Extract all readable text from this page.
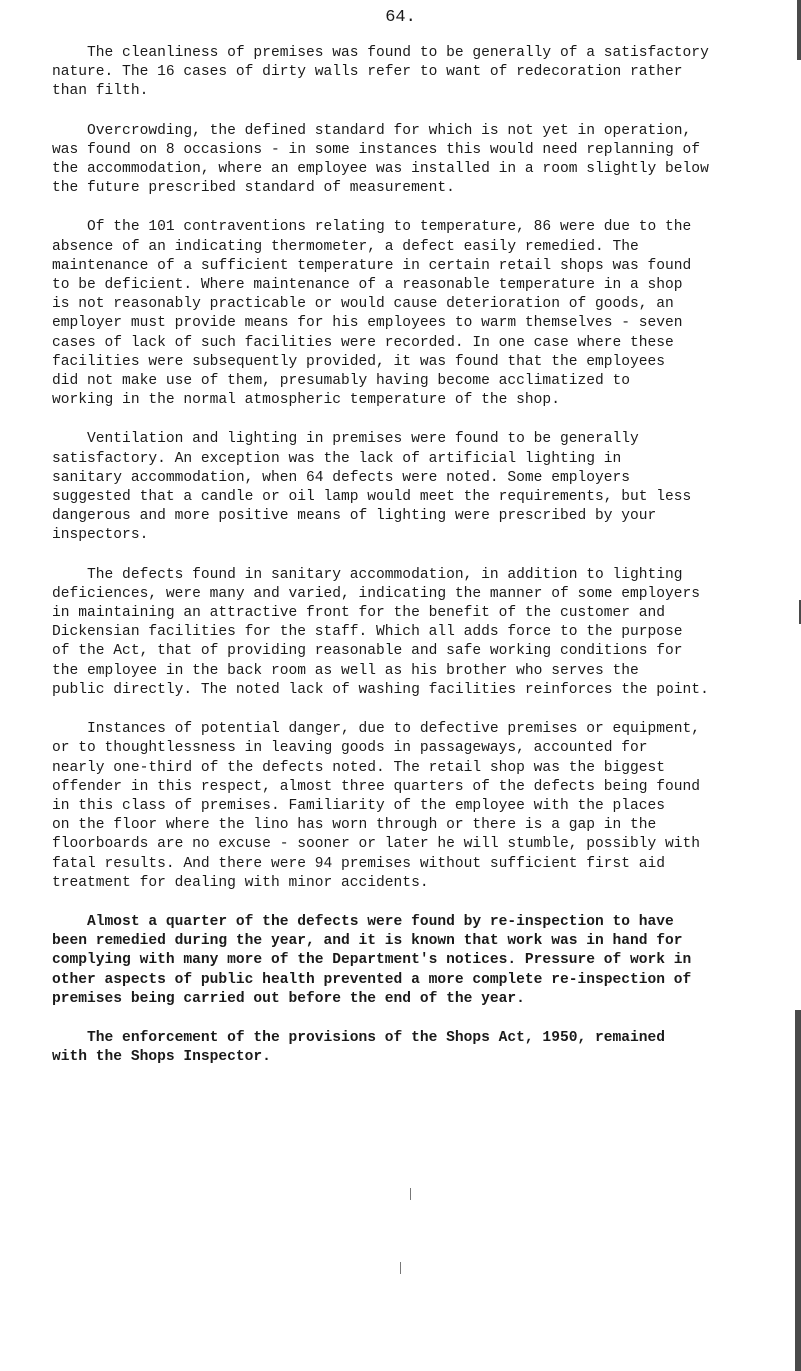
64.

The cleanliness of premises was found to be generally of a satisfactory
nature. The 16 cases of dirty walls refer to want of redecoration rather
than filth.

Overcrowding, the defined standard for which is not yet in operation,
was found on 8 occasions - in some instances this would need replanning of
the accommodation, where an employee was installed in a room slightly below
the future prescribed standard of measurement.

Of the 101 contraventions relating to temperature, 86 were due to the
absence of an indicating thermometer, a defect easily remedied. The
maintenance of a sufficient temperature in certain retail shops was found
to be deficient. Where maintenance of a reasonable temperature in a shop
is not reasonably practicable or would cause deterioration of goods, an
employer must provide means for his employees to warm themselves - seven
cases of lack of such facilities were recorded. In one case where these
facilities were subsequently provided, it was found that the employees
did not make use of them, presumably having become acclimatized to
working in the normal atmospheric temperature of the shop.

Ventilation and lighting in premises were found to be generally
satisfactory. An exception was the lack of artificial lighting in
sanitary accommodation, when 64 defects were noted. Some employers
suggested that a candle or oil lamp would meet the requirements, but less
dangerous and more positive means of lighting were prescribed by your
inspectors.

The defects found in sanitary accommodation, in addition to lighting
deficiences, were many and varied, indicating the manner of some employers
in maintaining an attractive front for the benefit of the customer and
Dickensian facilities for the staff. Which all adds force to the purpose
of the Act, that of providing reasonable and safe working conditions for
the employee in the back room as well as his brother who serves the
public directly. The noted lack of washing facilities reinforces the point.

Instances of potential danger, due to defective premises or equipment,
or to thoughtlessness in leaving goods in passageways, accounted for
nearly one-third of the defects noted. The retail shop was the biggest
offender in this respect, almost three quarters of the defects being found
in this class of premises. Familiarity of the employee with the places
on the floor where the lino has worn through or there is a gap in the
floorboards are no excuse - sooner or later he will stumble, possibly with
fatal results. And there were 94 premises without sufficient first aid
treatment for dealing with minor accidents.

Almost a quarter of the defects were found by re-inspection to have
been remedied during the year, and it is known that work was in hand for
complying with many more of the Department's notices. Pressure of work in
other aspects of public health prevented a more complete re-inspection of
premises being carried out before the end of the year.

The enforcement of the provisions of the Shops Act, 1950, remained
with the Shops Inspector.
